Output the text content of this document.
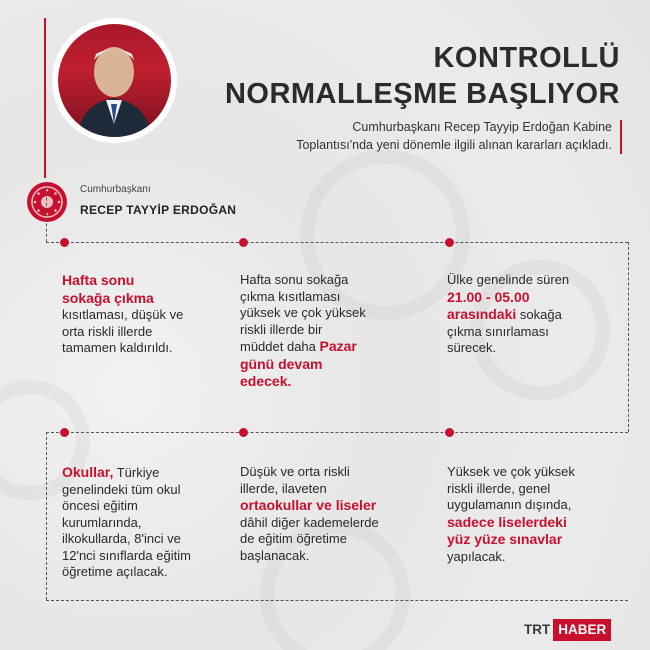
KONTROLLÜ
NORMALLEŞME BAŞLIYOR
Cumhurbaşkanı Recep Tayyip Erdoğan Kabine
Toplantısı'nda yeni dönemle ilgili alınan kararları açıkladı.
Cumhurbaşkanı
RECEP TAYYİP ERDOĞAN
Hafta sonu
sokağa çıkma
kısıtlaması, düşük ve
orta riskli illerde
tamamen kaldırıldı.
Hafta sonu sokağa
çıkma kısıtlaması
yüksek ve çok yüksek
riskli illerde bir
müddet daha Pazar
günü devam
edecek.
Ülke genelinde süren
21.00 - 05.00
arasındaki sokağa
çıkma sınırlaması
sürecek.
Okullar, Türkiye
genelindeki tüm okul
öncesi eğitim
kurumlarında,
ilkokullarda, 8'inci ve
12'nci sınıflarda eğitim
öğretime açılacak.
Düşük ve orta riskli
illerde, ilaveten
ortaokullar ve liseler
dâhil diğer kademelerde
de eğitim öğretime
başlanacak.
Yüksek ve çok yüksek
riskli illerde, genel
uygulamanın dışında,
sadece liselerdeki
yüz yüze sınavlar
yapılacak.
TRT HABER
